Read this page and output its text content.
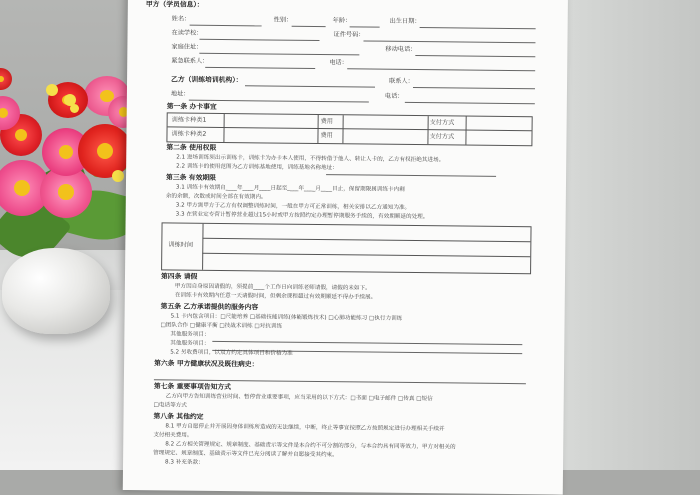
甲方（学员信息）：
姓名：	性别：	年龄：	出生日期：
在读学校：	证件号码：
家庭住址：	移动电话：
紧急联系人：	电话：
乙方（训练培训机构）：	联系人：
地址：	电话：
第一条 办卡事宜
训练卡种类1	费用	支付方式
训练卡种类2	费用	支付方式
第二条 使用权限
2.1 进场训练须出示训练卡，训练卡为办卡本人使用，不得转借于他人、转让人卡的，乙方有权拒绝其进场。
2.2 训练卡的使用范围为乙方训练基地使用，训练基地名称地址：
第三条 有效期限
3.1 训练卡有效期自____年____月____日起至____年____月____日止，保留期限属训练卡内剩
余的余额，次数或时间全部在有效期内。
3.2 甲方需甲方于乙方有权调整训练时间，一般在甲方可正常训练，相关安排以乙方通知为准。
3.3 在营业定专营计暂停营业超过15小时或甲方按照约定办理暂停期服务手续的，有效期顺延的处理。
训练时间
第四条 请假
甲方因自身原因请假的，须提前____个工作日向训练老师请假，请假的未如下。
在训练卡有效期内任意一天请假时间，但剩余课程超过有效期顺延不得办手续展。
第五条 乙方承诺提供的服务内容
5.1 卡内包含项目：□尺能培养 □基础技能训练(体能锻炼技术) □心肺功能练习 □执行力训练
□团队合作 □健康平衡 □技战术训练 □对抗训练
其他服务项目：
其他服务项目：
5.2 另收费项目，以双方约定具体项目和价格为准
第六条 甲方健康状况及既往病史：
第七条 重要事项告知方式
乙方向甲方告知训练营业时间、暂停营业重要事项，应当采用的以下方式：□书面 □电子邮件 □传真 □短信
□电话等方式
第八条 其他约定
8.1 甲方自愿停止并开展因身体训练所造成的无法继续，中断，终止等事宜按照乙方按照规定进行办理相关手续并
支付相关费用。
8.2 乙方相关管理规定、规章制度、基础责示等文件是本合约不可分割的部分，与本合约具有同等效力，甲方对相关的
管理规定、规章制度、基础责示等文件已充分阅读了解并自愿接受其约束。
8.3 补充条款：
